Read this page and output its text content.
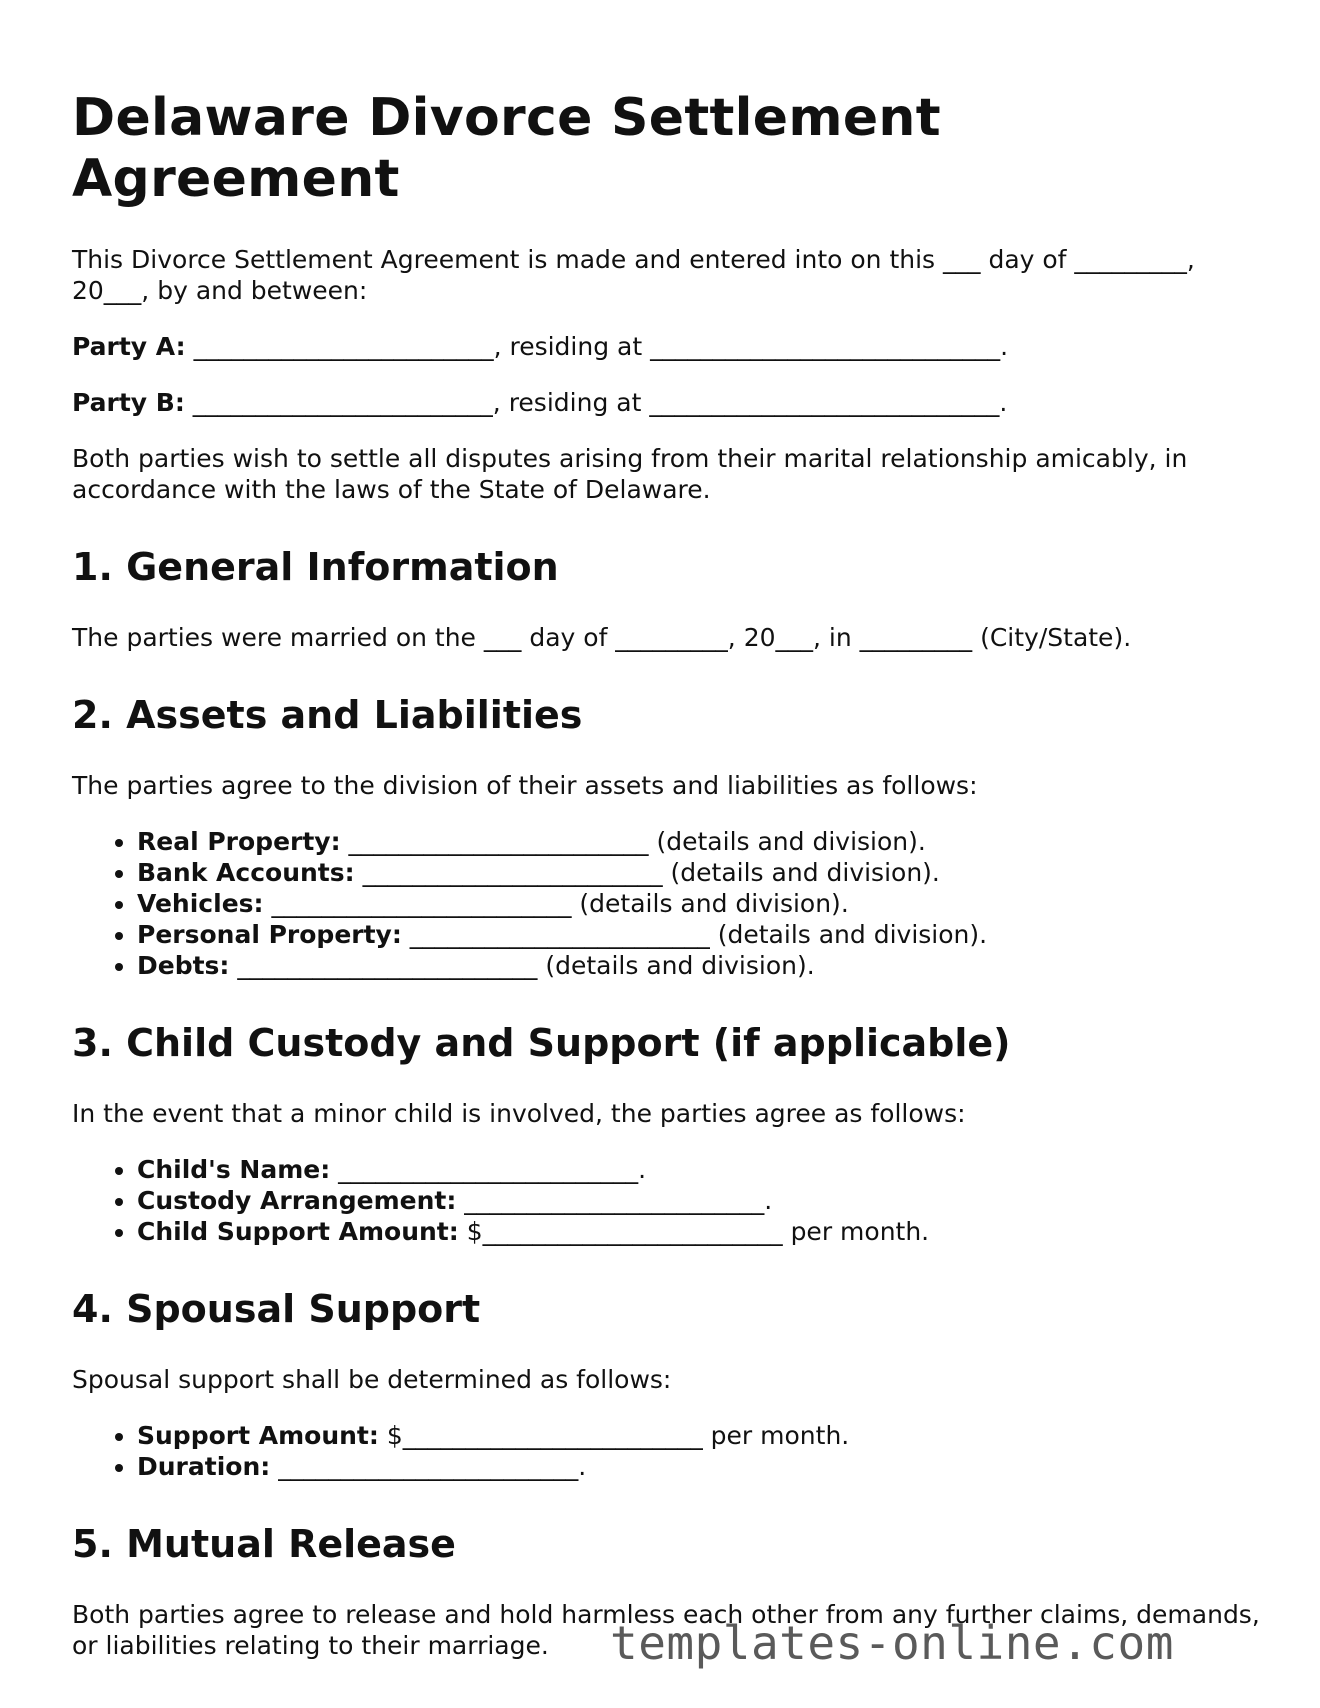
Delaware Divorce Settlement Agreement

This Divorce Settlement Agreement is made and entered into on this ___ day of _________, 20___, by and between:

Party A: ________________________, residing at ____________________________.

Party B: ________________________, residing at ____________________________.

Both parties wish to settle all disputes arising from their marital relationship amicably, in accordance with the laws of the State of Delaware.

1. General Information

The parties were married on the ___ day of _________, 20___, in _________ (City/State).

2. Assets and Liabilities

The parties agree to the division of their assets and liabilities as follows:

• Real Property: ________________________ (details and division).
• Bank Accounts: ________________________ (details and division).
• Vehicles: ________________________ (details and division).
• Personal Property: ________________________ (details and division).
• Debts: ________________________ (details and division).
3. Child Custody and Support (if applicable)

In the event that a minor child is involved, the parties agree as follows:

• Child's Name: ________________________.
• Custody Arrangement: ________________________.
• Child Support Amount: $________________________ per month.
4. Spousal Support

Spousal support shall be determined as follows:

• Support Amount: $________________________ per month.
• Duration: ________________________.
5. Mutual Release

Both parties agree to release and hold harmless each other from any further claims, demands, or liabilities relating to their marriage.	templates-online.com
